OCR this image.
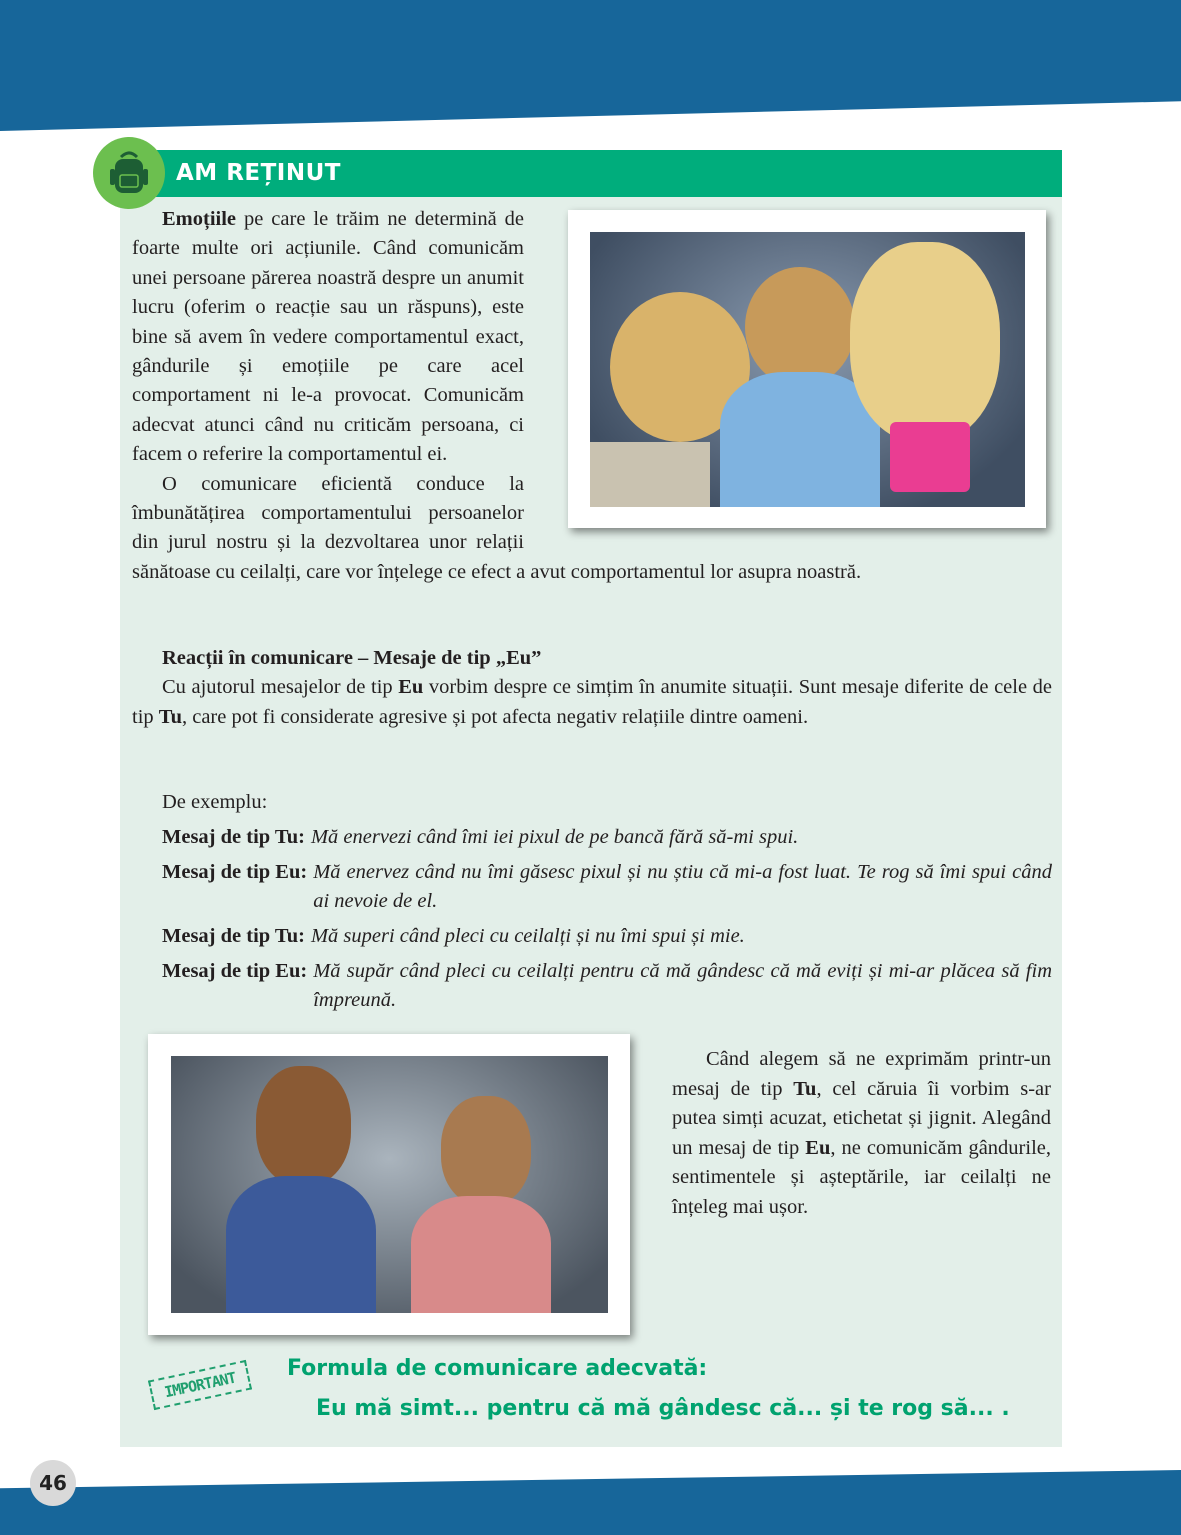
AM REȚINUT

Emoțiile pe care le trăim ne determină de foarte multe ori acțiunile. Când comunicăm unei persoane părerea noastră despre un anumit lucru (oferim o reacție sau un răspuns), este bine să avem în vedere comportamentul exact, gândurile și emoțiile pe care acel comportament ni le-a provocat. Comunicăm adecvat atunci când nu criticăm persoana, ci facem o referire la comportamentul ei.

O comunicare eficientă conduce la îmbunătățirea comportamentului persoanelor din jurul nostru și la dezvoltarea unor relații sănătoase cu ceilalți, care vor înțelege ce efect a avut comportamentul lor asupra noastră.

Reacții în comunicare – Mesaje de tip „Eu”

Cu ajutorul mesajelor de tip Eu vorbim despre ce simțim în anumite situații. Sunt mesaje diferite de cele de tip Tu, care pot fi considerate agresive și pot afecta negativ relațiile dintre oameni.

De exemplu:

Mesaj de tip Tu: Mă enervezi când îmi iei pixul de pe bancă fără să-mi spui.
Mesaj de tip Eu: Mă enervez când nu îmi găsesc pixul și nu știu că mi-a fost luat. Te rog să îmi spui când ai nevoie de el.
Mesaj de tip Tu: Mă superi când pleci cu ceilalți și nu îmi spui și mie.
Mesaj de tip Eu: Mă supăr când pleci cu ceilalți pentru că mă gândesc că mă eviți și mi-ar plăcea să fim împreună.
Când alegem să ne exprimăm printr-un mesaj de tip Tu, cel căruia îi vorbim s-ar putea simți acuzat, etichetat și jignit. Alegând un mesaj de tip Eu, ne comunicăm gândurile, sentimentele și așteptările, iar ceilalți ne înțeleg mai ușor.
IMPORTANT
Formula de comunicare adecvată:
Eu mă simt... pentru că mă gândesc că... și te rog să... .
46
